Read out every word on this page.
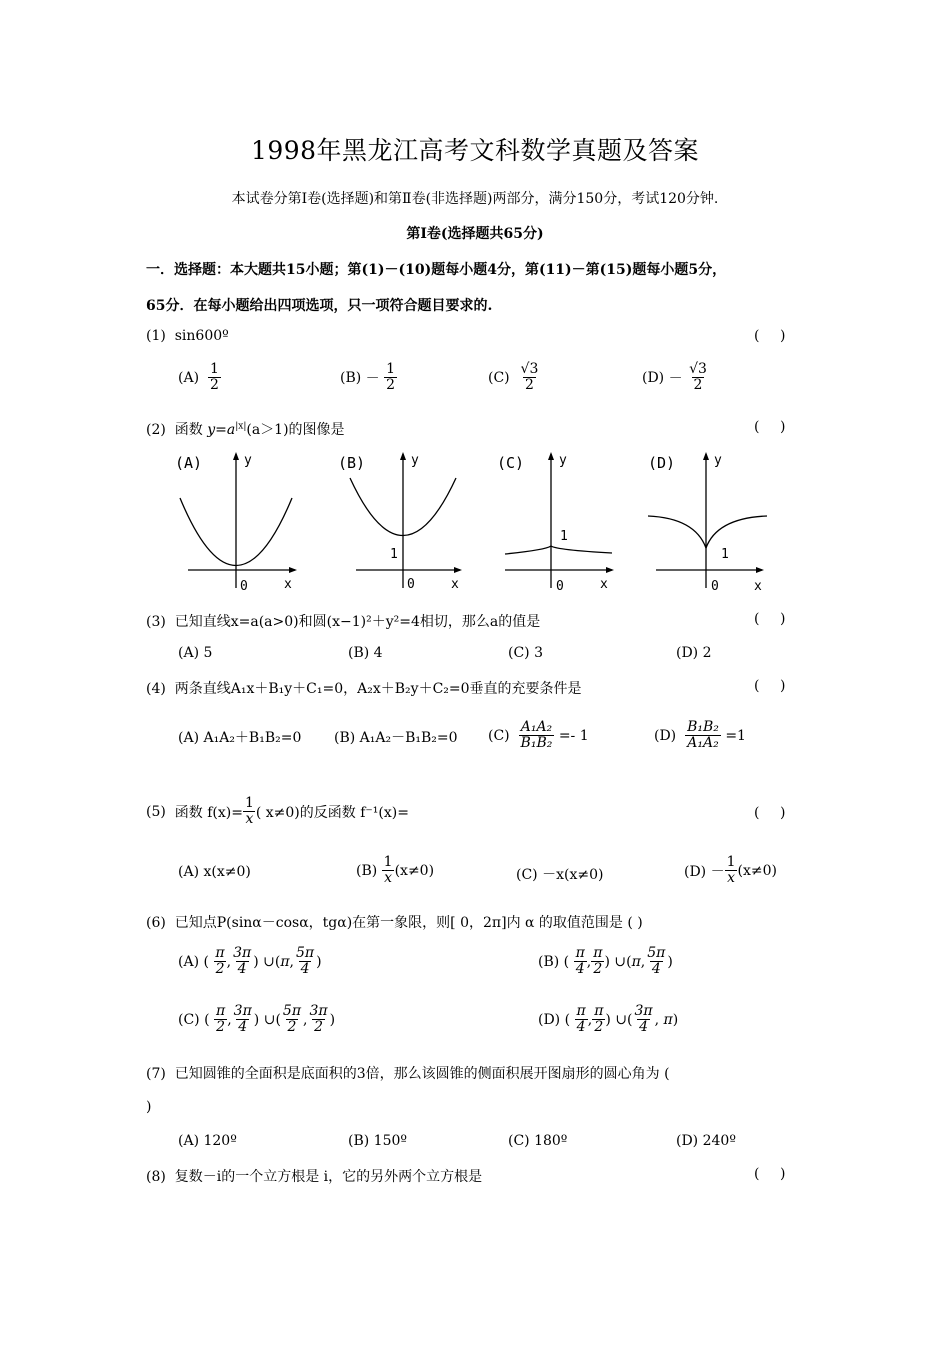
1998年黑龙江高考文科数学真题及答案
本试卷分第Ⅰ卷(选择题)和第Ⅱ卷(非选择题)两部分，满分150分，考试120分钟.
第Ⅰ卷(选择题共65分)
一．选择题：本大题共15小题；第(1)－(10)题每小题4分，第(11)－第(15)题每小题5分，
65分．在每小题给出四项选项，只一项符合题目要求的.
(1) sin600º	( )
$(A) \frac{1}{2}$	$(B) - \frac{1}{2}$	$(C) \frac{√3}{2}$	$(D) - \frac{√3}{2}$
(2) 函数 $y=a^{|x|}(a>1)$的图像是	( )
(A)	(B)	(C)	(D)
y	y	y	y
x	x	x	x
0	0	0	0
1
1
1
(3) 已知直线x=a(a>0)和圆(x−1)²＋y²=4相切，那么a的值是	( )
(A) 5	(B) 4	(C) 3	(D) 2
(4) 两条直线A₁x＋B₁y＋C₁=0，A₂x＋B₂y＋C₂=0垂直的充要条件是	( )
(A) A₁A₂＋B₁B₂=0 (B) A₁A₂－B₁B₂=0 $(C) \frac{\text{A₁A₂}}{\text{B₁B₂}} =- 1$	$(D) \frac{\text{B₁B₂}}{\text{A₁A₂}} =1$
(5) 函数 $f(x)= \frac{1}{x}$ ( x≠0)的反函数 f⁻¹(x)=	( )
(A) x(x≠0)	$(B) \frac{1}{x} (x\ne 0)$	(C) －x(x≠0)	$(D) - \frac{1}{x} (x\ne 0)$
(6) 已知点P(sinα－cosα，tgα)在第一象限，则[ 0，2π]内 α 的取值范围是 ( )
(A) ( $\frac{\pi}{2}$ , $\frac{3\pi}{4}$ ) ∪(π, $\frac{5\pi}{4}$ )	(B) ( $\frac{\pi}{4}$ , $\frac{\pi}{2}$ ) ∪(π, $\frac{5\pi}{4}$ )
(C) ( $\frac{\pi}{2}$ , $\frac{3\pi}{4}$ ) ∪( $\frac{5\pi}{2}$ , $\frac{3\pi}{2}$ )	(D) ( $\frac{\pi}{4}$ , $\frac{\pi}{2}$ ) ∪( $\frac{3\pi}{4}$ , π)
(7) 已知圆锥的全面积是底面积的3倍，那么该圆锥的侧面积展开图扇形的圆心角为 (
)
(A) 120º	(B) 150º	(C) 180º	(D) 240º
(8) 复数－i的一个立方根是 i，它的另外两个立方根是	( )
